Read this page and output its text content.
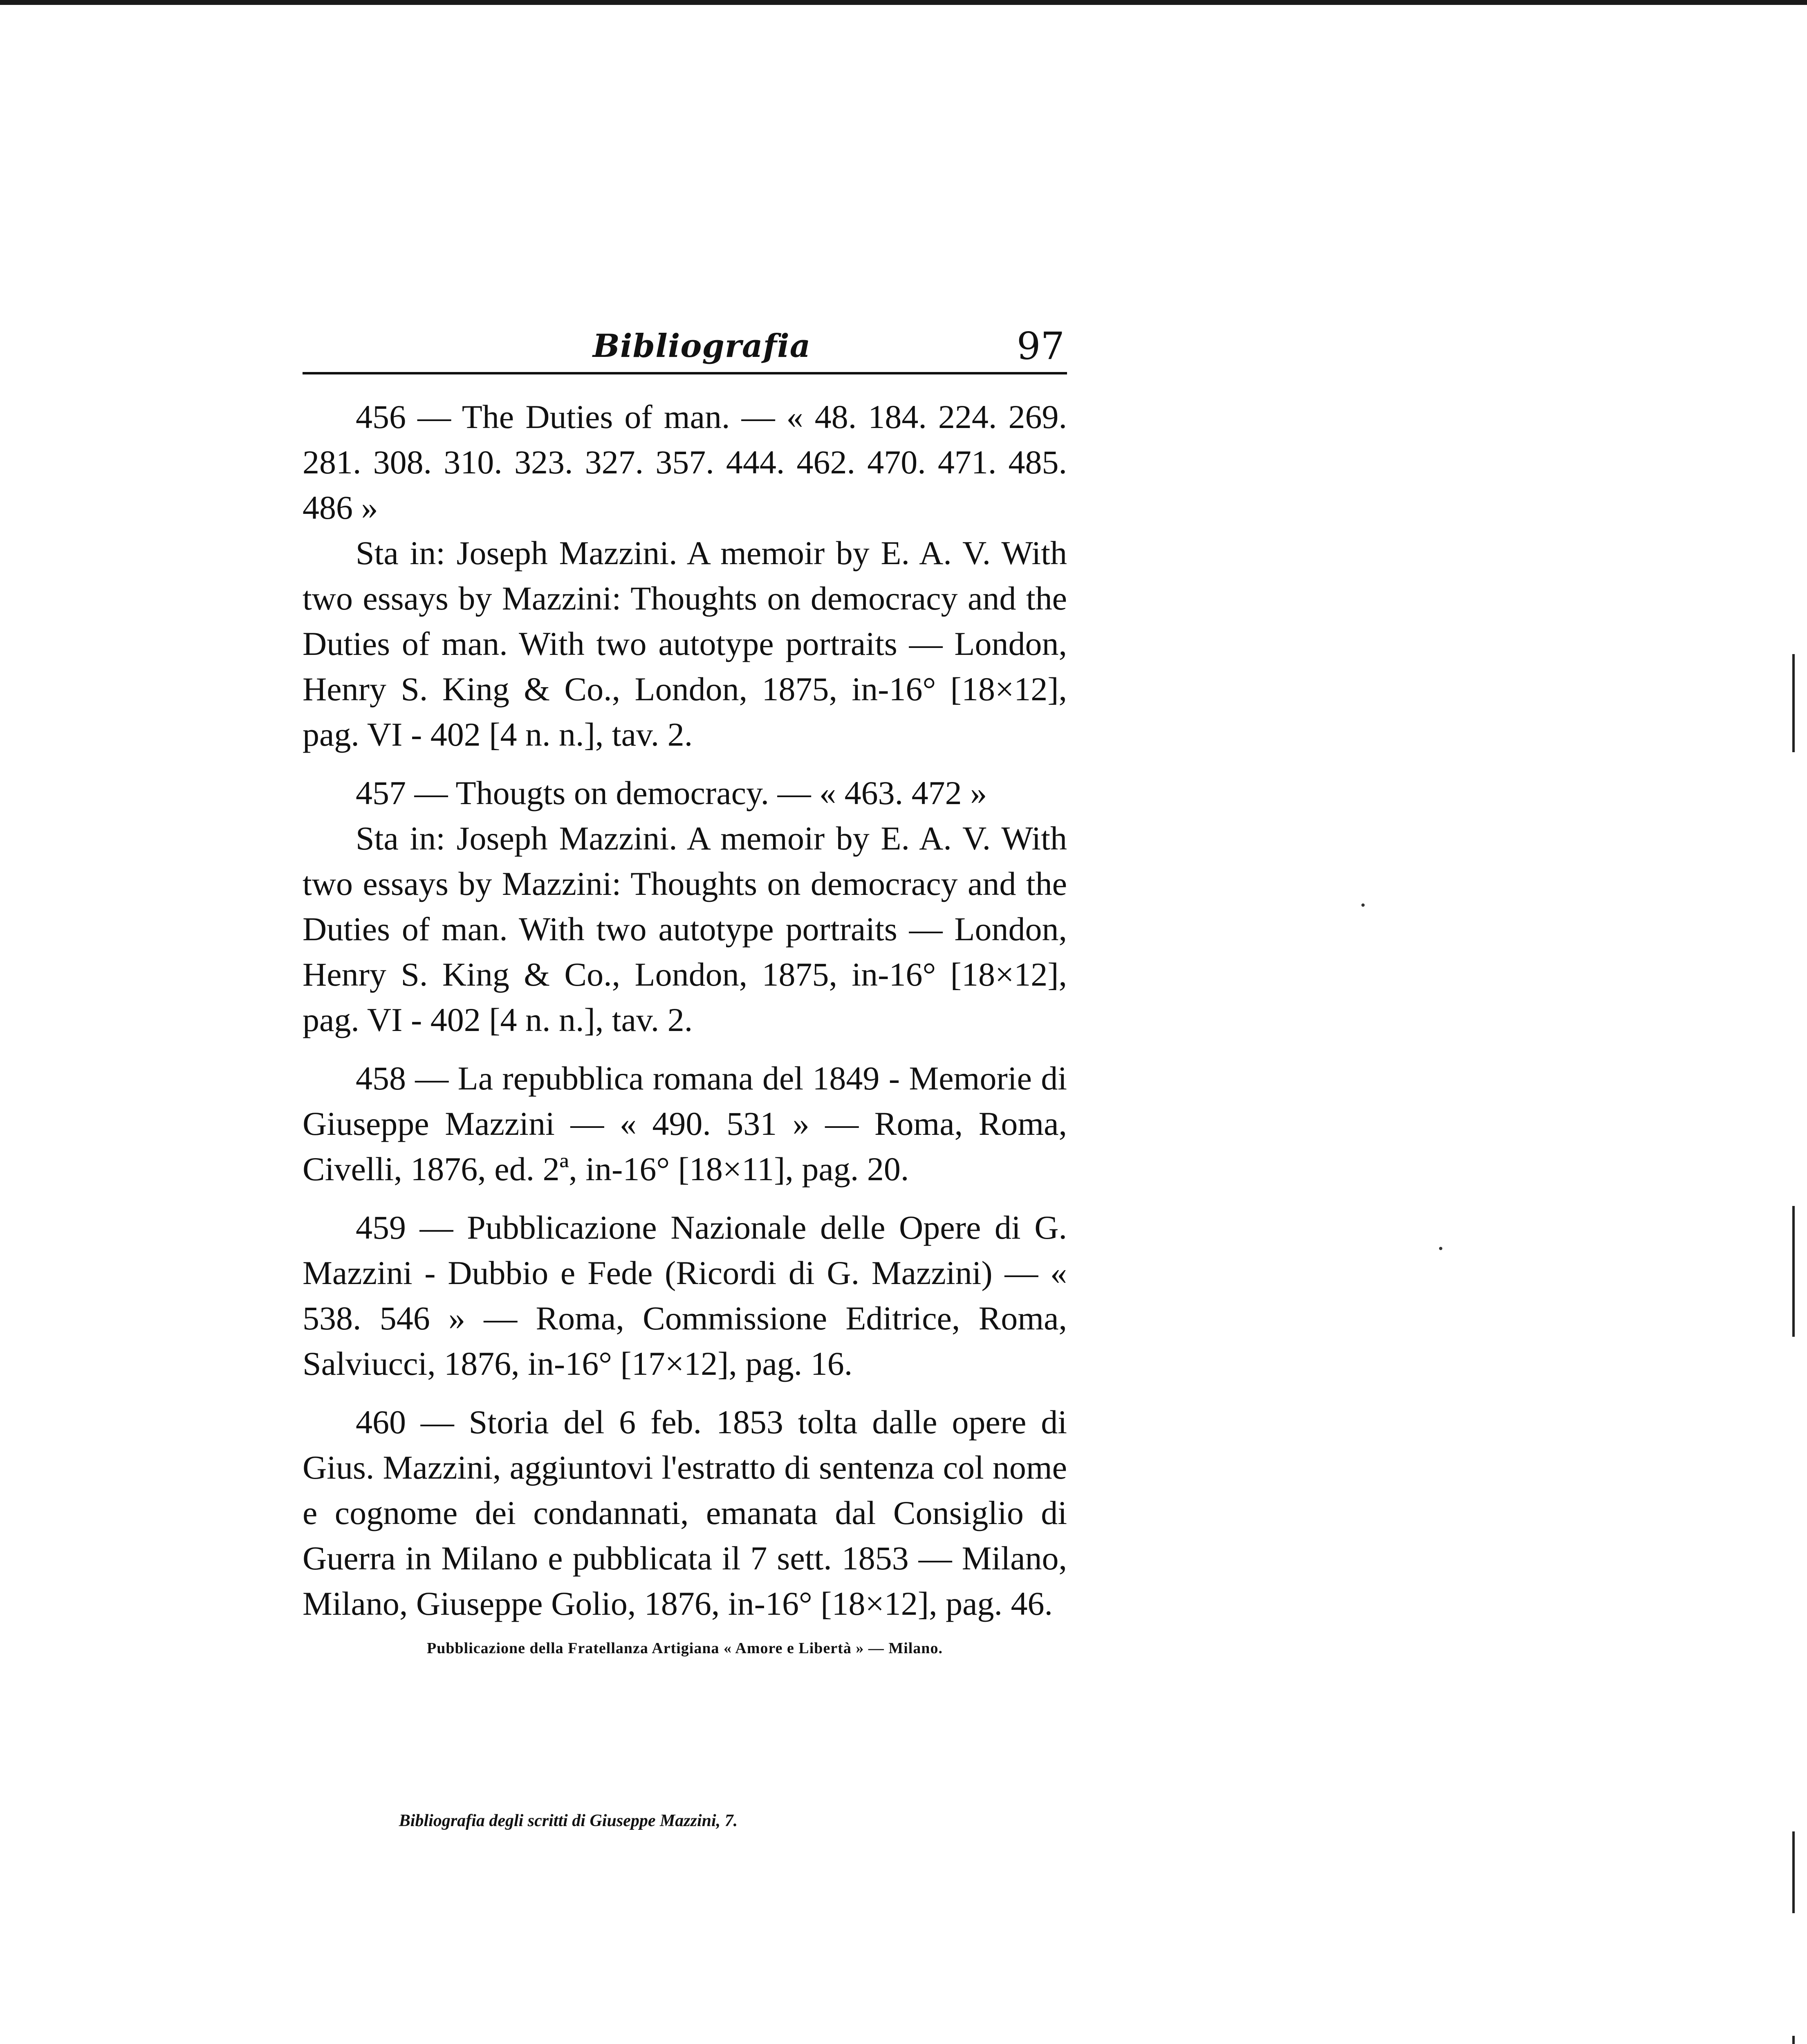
Bibliografia	97

456 — The Duties of man. — « 48. 184. 224. 269. 281. 308. 310. 323. 327. 357. 444. 462. 470. 471. 485. 486 »

Sta in: Joseph Mazzini. A memoir by E. A. V. With two essays by Mazzini: Thoughts on democracy and the Duties of man. With two autotype portraits — London, Henry S. King & Co., London, 1875, in-16° [18×12], pag. VI - 402 [4 n. n.], tav. 2.

457 — Thougts on democracy. — « 463. 472 »

Sta in: Joseph Mazzini. A memoir by E. A. V. With two essays by Mazzini: Thoughts on democracy and the Duties of man. With two autotype portraits — London, Henry S. King & Co., London, 1875, in-16° [18×12], pag. VI - 402 [4 n. n.], tav. 2.

458 — La repubblica romana del 1849 - Memorie di Giuseppe Mazzini — « 490. 531 » — Roma, Roma, Civelli, 1876, ed. 2ª, in-16° [18×11], pag. 20.

459 — Pubblicazione Nazionale delle Opere di G. Mazzini - Dubbio e Fede (Ricordi di G. Mazzini) — « 538. 546 » — Roma, Commissione Editrice, Roma, Salviucci, 1876, in-16° [17×12], pag. 16.

460 — Storia del 6 feb. 1853 tolta dalle opere di Gius. Mazzini, aggiuntovi l'estratto di sentenza col nome e cognome dei condannati, emanata dal Consiglio di Guerra in Milano e pubblicata il 7 sett. 1853 — Milano, Milano, Giuseppe Golio, 1876, in-16° [18×12], pag. 46.

Pubblicazione della Fratellanza Artigiana « Amore e Libertà » — Milano.
Bibliografia degli scritti di Giuseppe Mazzini, 7.
